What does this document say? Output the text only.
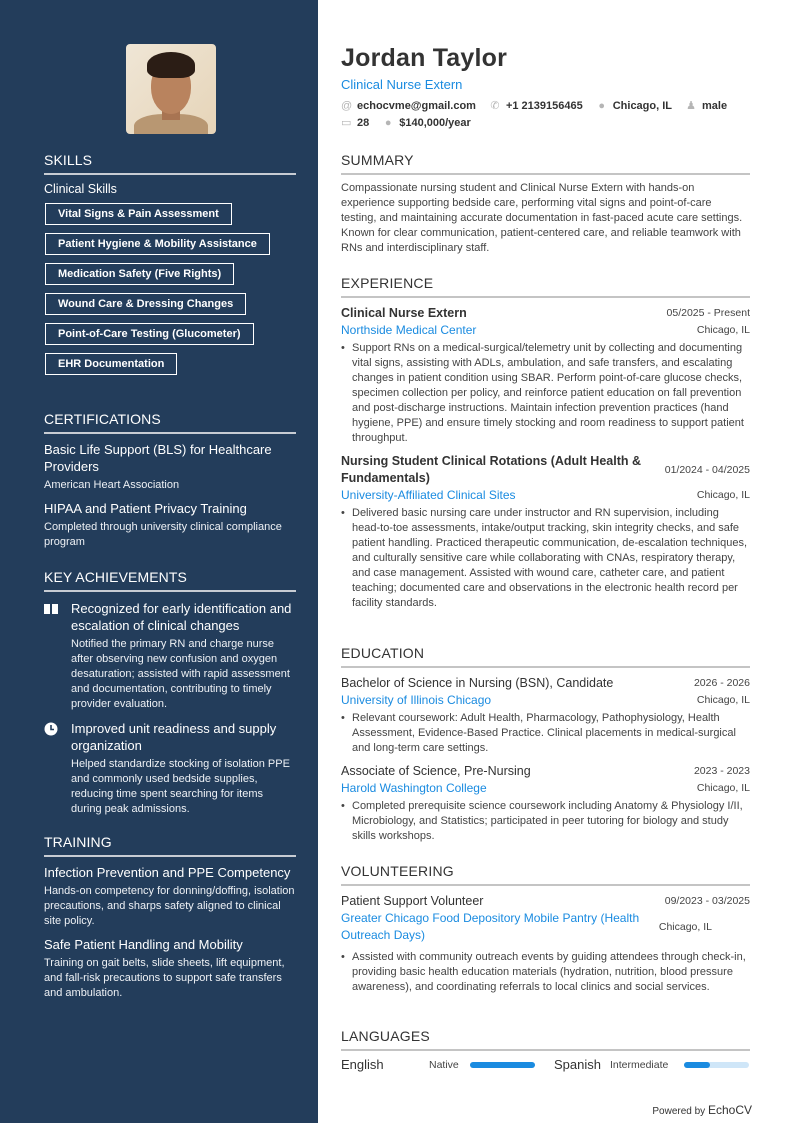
SKILLS
Clinical Skills
Vital Signs & Pain Assessment
Patient Hygiene & Mobility Assistance
Medication Safety (Five Rights)
Wound Care & Dressing Changes
Point-of-Care Testing (Glucometer)
EHR Documentation
CERTIFICATIONS
Basic Life Support (BLS) for Healthcare Providers
American Heart Association
HIPAA and Patient Privacy Training
Completed through university clinical compliance program
KEY ACHIEVEMENTS
Recognized for early identification and escalation of clinical changes
Notified the primary RN and charge nurse after observing new confusion and oxygen desaturation; assisted with rapid assessment and documentation, contributing to timely provider evaluation.
Improved unit readiness and supply organization
Helped standardize stocking of isolation PPE and commonly used bedside supplies, reducing time spent searching for items during peak admissions.
TRAINING
Infection Prevention and PPE Competency
Hands-on competency for donning/doffing, isolation precautions, and sharps safety aligned to clinical site policy.
Safe Patient Handling and Mobility
Training on gait belts, slide sheets, lift equipment, and fall-risk precautions to support safe transfers and ambulation.
Jordan Taylor
Clinical Nurse Extern
@ echocvme@gmail.com ✆ +1 2139156465 ● Chicago, IL ♟ male
▭ 28 ● $140,000/year
SUMMARY

Compassionate nursing student and Clinical Nurse Extern with hands-on experience supporting bedside care, performing vital signs and point-of-care testing, and maintaining accurate documentation in fast-paced acute care settings. Known for clear communication, patient-centered care, and reliable teamwork with RNs and interdisciplinary staff.

EXPERIENCE
Clinical Nurse Extern	05/2025 - Present
Northside Medical Center	Chicago, IL
• Support RNs on a medical-surgical/telemetry unit by collecting and documenting vital signs, assisting with ADLs, ambulation, and safe transfers, and escalating changes in patient condition using SBAR. Perform point-of-care glucose checks, specimen collection per policy, and reinforce patient education on fall prevention and post-discharge instructions. Maintain infection prevention practices (hand hygiene, PPE) and ensure timely stocking and room readiness to support patient throughput.
Nursing Student Clinical Rotations (Adult Health & Fundamentals)
01/2024 - 04/2025
University-Affiliated Clinical Sites	Chicago, IL
• Delivered basic nursing care under instructor and RN supervision, including head-to-toe assessments, intake/output tracking, skin integrity checks, and safe patient handling. Practiced therapeutic communication, de-escalation techniques, and culturally sensitive care while collaborating with CNAs, respiratory therapy, and case management. Assisted with wound care, catheter care, and patient teaching; documented care and observations in the electronic health record per facility standards.
EDUCATION
Bachelor of Science in Nursing (BSN), Candidate	2026 - 2026
University of Illinois Chicago	Chicago, IL
• Relevant coursework: Adult Health, Pharmacology, Pathophysiology, Health Assessment, Evidence-Based Practice. Clinical placements in medical-surgical and long-term care settings.
Associate of Science, Pre-Nursing	2023 - 2023
Harold Washington College	Chicago, IL
• Completed prerequisite science coursework including Anatomy & Physiology I/II, Microbiology, and Statistics; participated in peer tutoring for biology and study skills workshops.
VOLUNTEERING
Patient Support Volunteer	09/2023 - 03/2025
Greater Chicago Food Depository Mobile Pantry (Health Outreach Days)
Chicago, IL
• Assisted with community outreach events by guiding attendees through check-in, providing basic health education materials (hydration, nutrition, blood pressure awareness), and coordinating referrals to local clinics and social services.
LANGUAGES
English	Native	Spanish Intermediate
Powered by EchoCV
